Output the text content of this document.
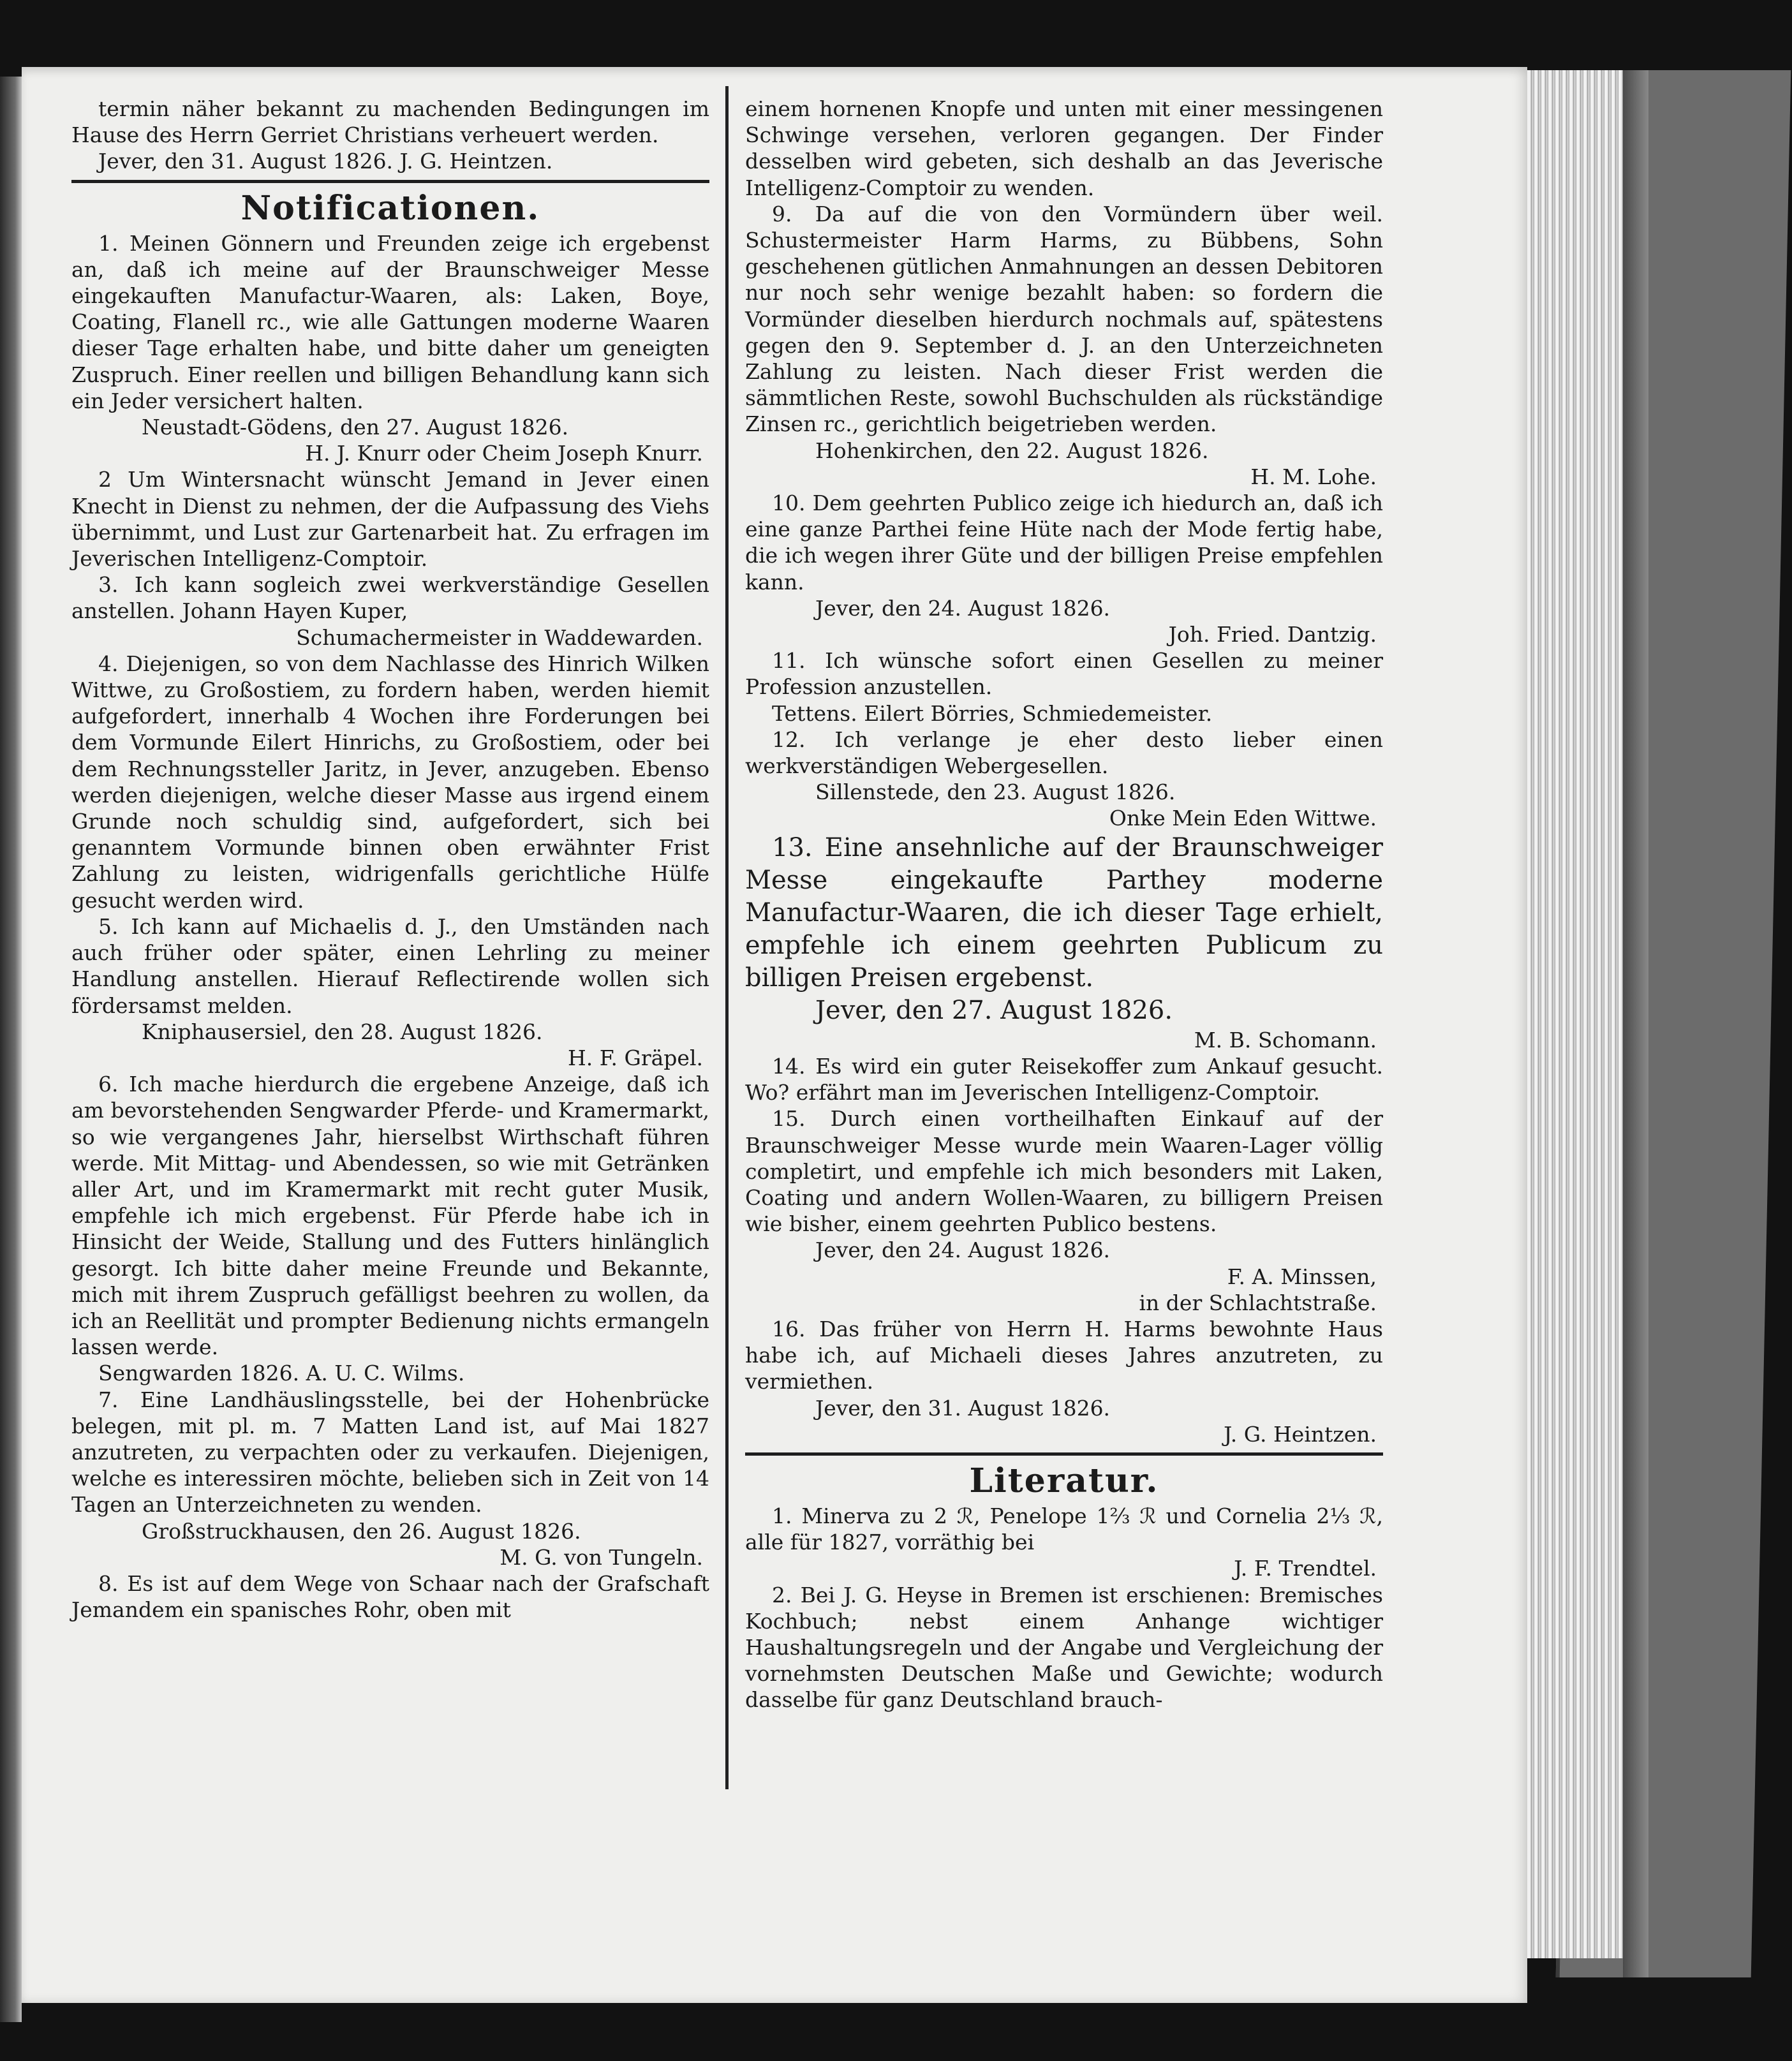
termin näher bekannt zu machenden Bedingungen im Hause des Herrn Gerriet Christians verheuert werden.

Jever, den 31. August 1826. J. G. Heintzen.

Notificationen.

1. Meinen Gönnern und Freunden zeige ich ergebenst an, daß ich meine auf der Braunschweiger Messe eingekauften Manufactur-Waaren, als: Laken, Boye, Coating, Flanell rc., wie alle Gattungen moderne Waaren dieser Tage erhalten habe, und bitte daher um geneigten Zuspruch. Einer reellen und billigen Behandlung kann sich ein Jeder versichert halten.

Neustadt-Gödens, den 27. August 1826.

H. J. Knurr oder Cheim Joseph Knurr.

2 Um Wintersnacht wünscht Jemand in Jever einen Knecht in Dienst zu nehmen, der die Aufpassung des Viehs übernimmt, und Lust zur Gartenarbeit hat. Zu erfragen im Jeverischen Intelligenz-Comptoir.

3. Ich kann sogleich zwei werkverständige Gesellen anstellen. Johann Hayen Kuper,

Schumachermeister in Waddewarden.

4. Diejenigen, so von dem Nachlasse des Hinrich Wilken Wittwe, zu Großostiem, zu fordern haben, werden hiemit aufgefordert, innerhalb 4 Wochen ihre Forderungen bei dem Vormunde Eilert Hinrichs, zu Großostiem, oder bei dem Rechnungssteller Jaritz, in Jever, anzugeben. Ebenso werden diejenigen, welche dieser Masse aus irgend einem Grunde noch schuldig sind, aufgefordert, sich bei genanntem Vormunde binnen oben erwähnter Frist Zahlung zu leisten, widrigenfalls gerichtliche Hülfe gesucht werden wird.

5. Ich kann auf Michaelis d. J., den Umständen nach auch früher oder später, einen Lehrling zu meiner Handlung anstellen. Hierauf Reflectirende wollen sich fördersamst melden.

Kniphausersiel, den 28. August 1826.

H. F. Gräpel.

6. Ich mache hierdurch die ergebene Anzeige, daß ich am bevorstehenden Sengwarder Pferde- und Kramermarkt, so wie vergangenes Jahr, hierselbst Wirthschaft führen werde. Mit Mittag- und Abendessen, so wie mit Getränken aller Art, und im Kramermarkt mit recht guter Musik, empfehle ich mich ergebenst. Für Pferde habe ich in Hinsicht der Weide, Stallung und des Futters hinlänglich gesorgt. Ich bitte daher meine Freunde und Bekannte, mich mit ihrem Zuspruch gefälligst beehren zu wollen, da ich an Reellität und prompter Bedienung nichts ermangeln lassen werde.

Sengwarden 1826. A. U. C. Wilms.

7. Eine Landhäuslingsstelle, bei der Hohenbrücke belegen, mit pl. m. 7 Matten Land ist, auf Mai 1827 anzutreten, zu verpachten oder zu verkaufen. Diejenigen, welche es interessiren möchte, belieben sich in Zeit von 14 Tagen an Unterzeichneten zu wenden.

Großstruckhausen, den 26. August 1826.

M. G. von Tungeln.

8. Es ist auf dem Wege von Schaar nach der Grafschaft Jemandem ein spanisches Rohr, oben mit

einem hornenen Knopfe und unten mit einer messingenen Schwinge versehen, verloren gegangen. Der Finder desselben wird gebeten, sich deshalb an das Jeverische Intelligenz-Comptoir zu wenden.

9. Da auf die von den Vormündern über weil. Schustermeister Harm Harms, zu Bübbens, Sohn geschehenen gütlichen Anmahnungen an dessen Debitoren nur noch sehr wenige bezahlt haben: so fordern die Vormünder dieselben hierdurch nochmals auf, spätestens gegen den 9. September d. J. an den Unterzeichneten Zahlung zu leisten. Nach dieser Frist werden die sämmtlichen Reste, sowohl Buchschulden als rückständige Zinsen rc., gerichtlich beigetrieben werden.

Hohenkirchen, den 22. August 1826.

H. M. Lohe.

10. Dem geehrten Publico zeige ich hiedurch an, daß ich eine ganze Parthei feine Hüte nach der Mode fertig habe, die ich wegen ihrer Güte und der billigen Preise empfehlen kann.

Jever, den 24. August 1826.

Joh. Fried. Dantzig.

11. Ich wünsche sofort einen Gesellen zu meiner Profession anzustellen.

Tettens. Eilert Börries, Schmiedemeister.

12. Ich verlange je eher desto lieber einen werkverständigen Webergesellen.

Sillenstede, den 23. August 1826.

Onke Mein Eden Wittwe.

13. Eine ansehnliche auf der Braunschweiger Messe eingekaufte Parthey moderne Manufactur-Waaren, die ich dieser Tage erhielt, empfehle ich einem geehrten Publicum zu billigen Preisen ergebenst.

Jever, den 27. August 1826.

M. B. Schomann.

14. Es wird ein guter Reisekoffer zum Ankauf gesucht. Wo? erfährt man im Jeverischen Intelligenz-Comptoir.

15. Durch einen vortheilhaften Einkauf auf der Braunschweiger Messe wurde mein Waaren-Lager völlig completirt, und empfehle ich mich besonders mit Laken, Coating und andern Wollen-Waaren, zu billigern Preisen wie bisher, einem geehrten Publico bestens.

Jever, den 24. August 1826.

F. A. Minssen,

in der Schlachtstraße.

16. Das früher von Herrn H. Harms bewohnte Haus habe ich, auf Michaeli dieses Jahres anzutreten, zu vermiethen.

Jever, den 31. August 1826.

J. G. Heintzen.

Literatur.

1. Minerva zu 2 ℛ, Penelope 1⅔ ℛ und Cornelia 2⅓ ℛ, alle für 1827, vorräthig bei

J. F. Trendtel.

2. Bei J. G. Heyse in Bremen ist erschienen: Bremisches Kochbuch; nebst einem Anhange wichtiger Haushaltungsregeln und der Angabe und Vergleichung der vornehmsten Deutschen Maße und Gewichte; wodurch dasselbe für ganz Deutschland brauch-
